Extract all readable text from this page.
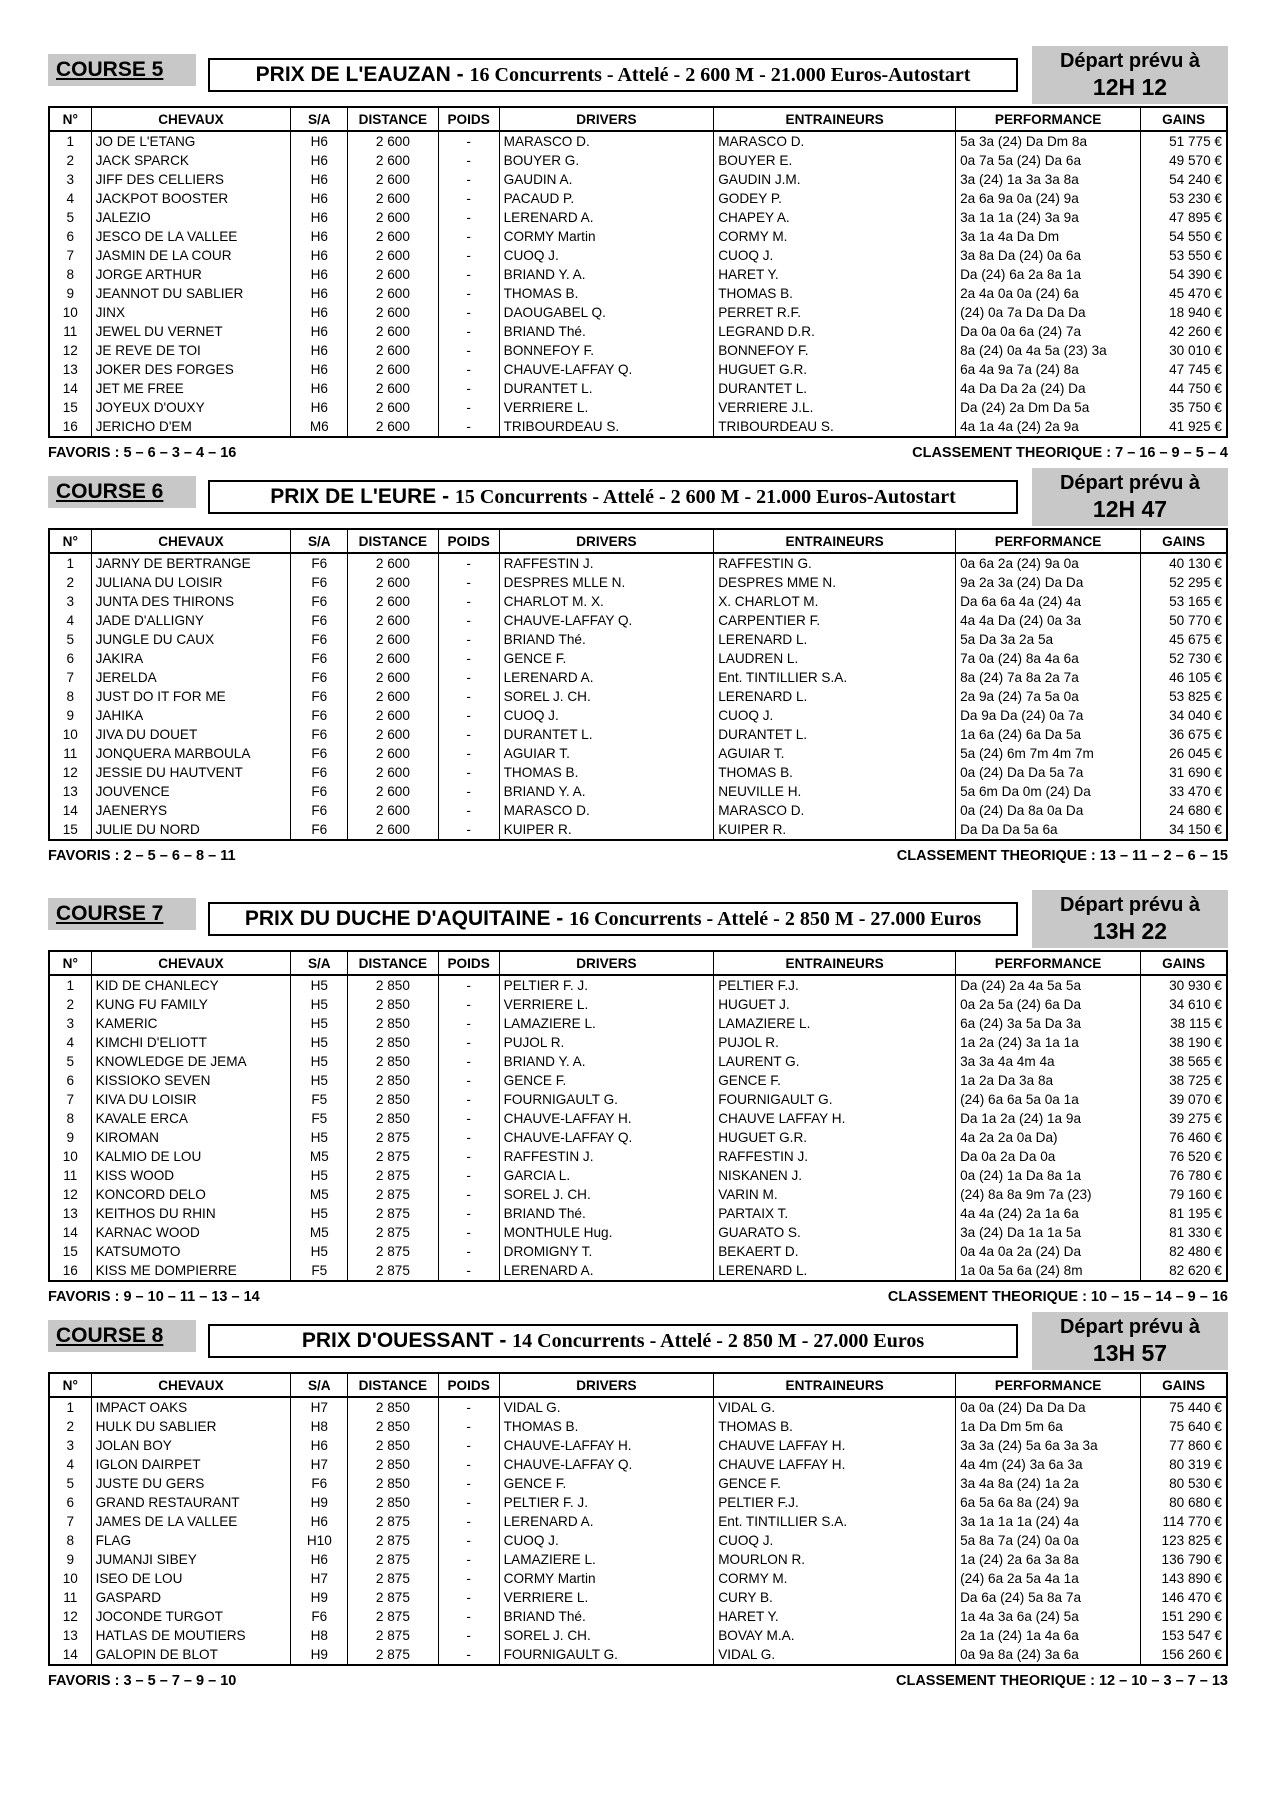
COURSE 5	PRIX DE L'EAUZAN - 16 Concurrents - Attelé - 2 600 M - 21.000 Euros-Autostart
Départ prévu à
12H 12
N°	CHEVAUX	S/A	DISTANCE	POIDS	DRIVERS	ENTRAINEURS	PERFORMANCE	GAINS
1	JO DE L'ETANG	H6	2 600	-	MARASCO D.	MARASCO D.	5a 3a (24) Da Dm 8a	51 775 €
2	JACK SPARCK	H6	2 600	-	BOUYER G.	BOUYER E.	0a 7a 5a (24) Da 6a	49 570 €
3	JIFF DES CELLIERS	H6	2 600	-	GAUDIN A.	GAUDIN J.M.	3a (24) 1a 3a 3a 8a	54 240 €
4	JACKPOT BOOSTER	H6	2 600	-	PACAUD P.	GODEY P.	2a 6a 9a 0a (24) 9a	53 230 €
5	JALEZIO	H6	2 600	-	LERENARD A.	CHAPEY A.	3a 1a 1a (24) 3a 9a	47 895 €
6	JESCO DE LA VALLEE	H6	2 600	-	CORMY Martin	CORMY M.	3a 1a 4a Da Dm	54 550 €
7	JASMIN DE LA COUR	H6	2 600	-	CUOQ J.	CUOQ J.	3a 8a Da (24) 0a 6a	53 550 €
8	JORGE ARTHUR	H6	2 600	-	BRIAND Y. A.	HARET Y.	Da (24) 6a 2a 8a 1a	54 390 €
9	JEANNOT DU SABLIER	H6	2 600	-	THOMAS B.	THOMAS B.	2a 4a 0a 0a (24) 6a	45 470 €
10	JINX	H6	2 600	-	DAOUGABEL Q.	PERRET R.F.	(24) 0a 7a Da Da Da	18 940 €
11	JEWEL DU VERNET	H6	2 600	-	BRIAND Thé.	LEGRAND D.R.	Da 0a 0a 6a (24) 7a	42 260 €
12	JE REVE DE TOI	H6	2 600	-	BONNEFOY F.	BONNEFOY F.	8a (24) 0a 4a 5a (23) 3a	30 010 €
13	JOKER DES FORGES	H6	2 600	-	CHAUVE-LAFFAY Q.	HUGUET G.R.	6a 4a 9a 7a (24) 8a	47 745 €
14	JET ME FREE	H6	2 600	-	DURANTET L.	DURANTET L.	4a Da Da 2a (24) Da	44 750 €
15	JOYEUX D'OUXY	H6	2 600	-	VERRIERE L.	VERRIERE J.L.	Da (24) 2a Dm Da 5a	35 750 €
16	JERICHO D'EM	M6	2 600	-	TRIBOURDEAU S.	TRIBOURDEAU S.	4a 1a 4a (24) 2a 9a	41 925 €
FAVORIS : 5 – 6 – 3 – 4 – 16	CLASSEMENT THEORIQUE : 7 – 16 – 9 – 5 – 4
COURSE 6	PRIX DE L'EURE - 15 Concurrents - Attelé - 2 600 M - 21.000 Euros-Autostart
Départ prévu à
12H 47
N°	CHEVAUX	S/A	DISTANCE	POIDS	DRIVERS	ENTRAINEURS	PERFORMANCE	GAINS
1	JARNY DE BERTRANGE	F6	2 600	-	RAFFESTIN J.	RAFFESTIN G.	0a 6a 2a (24) 9a 0a	40 130 €
2	JULIANA DU LOISIR	F6	2 600	-	DESPRES MLLE N.	DESPRES MME N.	9a 2a 3a (24) Da Da	52 295 €
3	JUNTA DES THIRONS	F6	2 600	-	CHARLOT M. X.	X. CHARLOT M.	Da 6a 6a 4a (24) 4a	53 165 €
4	JADE D'ALLIGNY	F6	2 600	-	CHAUVE-LAFFAY Q.	CARPENTIER F.	4a 4a Da (24) 0a 3a	50 770 €
5	JUNGLE DU CAUX	F6	2 600	-	BRIAND Thé.	LERENARD L.	5a Da 3a 2a 5a	45 675 €
6	JAKIRA	F6	2 600	-	GENCE F.	LAUDREN L.	7a 0a (24) 8a 4a 6a	52 730 €
7	JERELDA	F6	2 600	-	LERENARD A.	Ent. TINTILLIER S.A.	8a (24) 7a 8a 2a 7a	46 105 €
8	JUST DO IT FOR ME	F6	2 600	-	SOREL J. CH.	LERENARD L.	2a 9a (24) 7a 5a 0a	53 825 €
9	JAHIKA	F6	2 600	-	CUOQ J.	CUOQ J.	Da 9a Da (24) 0a 7a	34 040 €
10	JIVA DU DOUET	F6	2 600	-	DURANTET L.	DURANTET L.	1a 6a (24) 6a Da 5a	36 675 €
11	JONQUERA MARBOULA	F6	2 600	-	AGUIAR T.	AGUIAR T.	5a (24) 6m 7m 4m 7m	26 045 €
12	JESSIE DU HAUTVENT	F6	2 600	-	THOMAS B.	THOMAS B.	0a (24) Da Da 5a 7a	31 690 €
13	JOUVENCE	F6	2 600	-	BRIAND Y. A.	NEUVILLE H.	5a 6m Da 0m (24) Da	33 470 €
14	JAENERYS	F6	2 600	-	MARASCO D.	MARASCO D.	0a (24) Da 8a 0a Da	24 680 €
15	JULIE DU NORD	F6	2 600	-	KUIPER R.	KUIPER R.	Da Da Da 5a 6a	34 150 €
FAVORIS : 2 – 5 – 6 – 8 – 11	CLASSEMENT THEORIQUE : 13 – 11 – 2 – 6 – 15
COURSE 7	PRIX DU DUCHE D'AQUITAINE - 16 Concurrents - Attelé - 2 850 M - 27.000 Euros
Départ prévu à
13H 22
N°	CHEVAUX	S/A	DISTANCE	POIDS	DRIVERS	ENTRAINEURS	PERFORMANCE	GAINS
1	KID DE CHANLECY	H5	2 850	-	PELTIER F. J.	PELTIER F.J.	Da (24) 2a 4a 5a 5a	30 930 €
2	KUNG FU FAMILY	H5	2 850	-	VERRIERE L.	HUGUET J.	0a 2a 5a (24) 6a Da	34 610 €
3	KAMERIC	H5	2 850	-	LAMAZIERE L.	LAMAZIERE L.	6a (24) 3a 5a Da 3a	38 115 €
4	KIMCHI D'ELIOTT	H5	2 850	-	PUJOL R.	PUJOL R.	1a 2a (24) 3a 1a 1a	38 190 €
5	KNOWLEDGE DE JEMA	H5	2 850	-	BRIAND Y. A.	LAURENT G.	3a 3a 4a 4m 4a	38 565 €
6	KISSIOKO SEVEN	H5	2 850	-	GENCE F.	GENCE F.	1a 2a Da 3a 8a	38 725 €
7	KIVA DU LOISIR	F5	2 850	-	FOURNIGAULT G.	FOURNIGAULT G.	(24) 6a 6a 5a 0a 1a	39 070 €
8	KAVALE ERCA	F5	2 850	-	CHAUVE-LAFFAY H.	CHAUVE LAFFAY H.	Da 1a 2a (24) 1a 9a	39 275 €
9	KIROMAN	H5	2 875	-	CHAUVE-LAFFAY Q.	HUGUET G.R.	4a 2a 2a 0a Da)	76 460 €
10	KALMIO DE LOU	M5	2 875	-	RAFFESTIN J.	RAFFESTIN J.	Da 0a 2a Da 0a	76 520 €
11	KISS WOOD	H5	2 875	-	GARCIA L.	NISKANEN J.	0a (24) 1a Da 8a 1a	76 780 €
12	KONCORD DELO	M5	2 875	-	SOREL J. CH.	VARIN M.	(24) 8a 8a 9m 7a (23)	79 160 €
13	KEITHOS DU RHIN	H5	2 875	-	BRIAND Thé.	PARTAIX T.	4a 4a (24) 2a 1a 6a	81 195 €
14	KARNAC WOOD	M5	2 875	-	MONTHULE Hug.	GUARATO S.	3a (24) Da 1a 1a 5a	81 330 €
15	KATSUMOTO	H5	2 875	-	DROMIGNY T.	BEKAERT D.	0a 4a 0a 2a (24) Da	82 480 €
16	KISS ME DOMPIERRE	F5	2 875	-	LERENARD A.	LERENARD L.	1a 0a 5a 6a (24) 8m	82 620 €
FAVORIS : 9 – 10 – 11 – 13 – 14	CLASSEMENT THEORIQUE : 10 – 15 – 14 – 9 – 16
COURSE 8	PRIX D'OUESSANT - 14 Concurrents - Attelé - 2 850 M - 27.000 Euros
Départ prévu à
13H 57
N°	CHEVAUX	S/A	DISTANCE	POIDS	DRIVERS	ENTRAINEURS	PERFORMANCE	GAINS
1	IMPACT OAKS	H7	2 850	-	VIDAL G.	VIDAL G.	0a 0a (24) Da Da Da	75 440 €
2	HULK DU SABLIER	H8	2 850	-	THOMAS B.	THOMAS B.	1a Da Dm 5m 6a	75 640 €
3	JOLAN BOY	H6	2 850	-	CHAUVE-LAFFAY H.	CHAUVE LAFFAY H.	3a 3a (24) 5a 6a 3a 3a	77 860 €
4	IGLON DAIRPET	H7	2 850	-	CHAUVE-LAFFAY Q.	CHAUVE LAFFAY H.	4a 4m (24) 3a 6a 3a	80 319 €
5	JUSTE DU GERS	F6	2 850	-	GENCE F.	GENCE F.	3a 4a 8a (24) 1a 2a	80 530 €
6	GRAND RESTAURANT	H9	2 850	-	PELTIER F. J.	PELTIER F.J.	6a 5a 6a 8a (24) 9a	80 680 €
7	JAMES DE LA VALLEE	H6	2 875	-	LERENARD A.	Ent. TINTILLIER S.A.	3a 1a 1a 1a (24) 4a	114 770 €
8	FLAG	H10	2 875	-	CUOQ J.	CUOQ J.	5a 8a 7a (24) 0a 0a	123 825 €
9	JUMANJI SIBEY	H6	2 875	-	LAMAZIERE L.	MOURLON R.	1a (24) 2a 6a 3a 8a	136 790 €
10	ISEO DE LOU	H7	2 875	-	CORMY Martin	CORMY M.	(24) 6a 2a 5a 4a 1a	143 890 €
11	GASPARD	H9	2 875	-	VERRIERE L.	CURY B.	Da 6a (24) 5a 8a 7a	146 470 €
12	JOCONDE TURGOT	F6	2 875	-	BRIAND Thé.	HARET Y.	1a 4a 3a 6a (24) 5a	151 290 €
13	HATLAS DE MOUTIERS	H8	2 875	-	SOREL J. CH.	BOVAY M.A.	2a 1a (24) 1a 4a 6a	153 547 €
14	GALOPIN DE BLOT	H9	2 875	-	FOURNIGAULT G.	VIDAL G.	0a 9a 8a (24) 3a 6a	156 260 €
FAVORIS : 3 – 5 – 7 – 9 – 10	CLASSEMENT THEORIQUE : 12 – 10 – 3 – 7 – 13
